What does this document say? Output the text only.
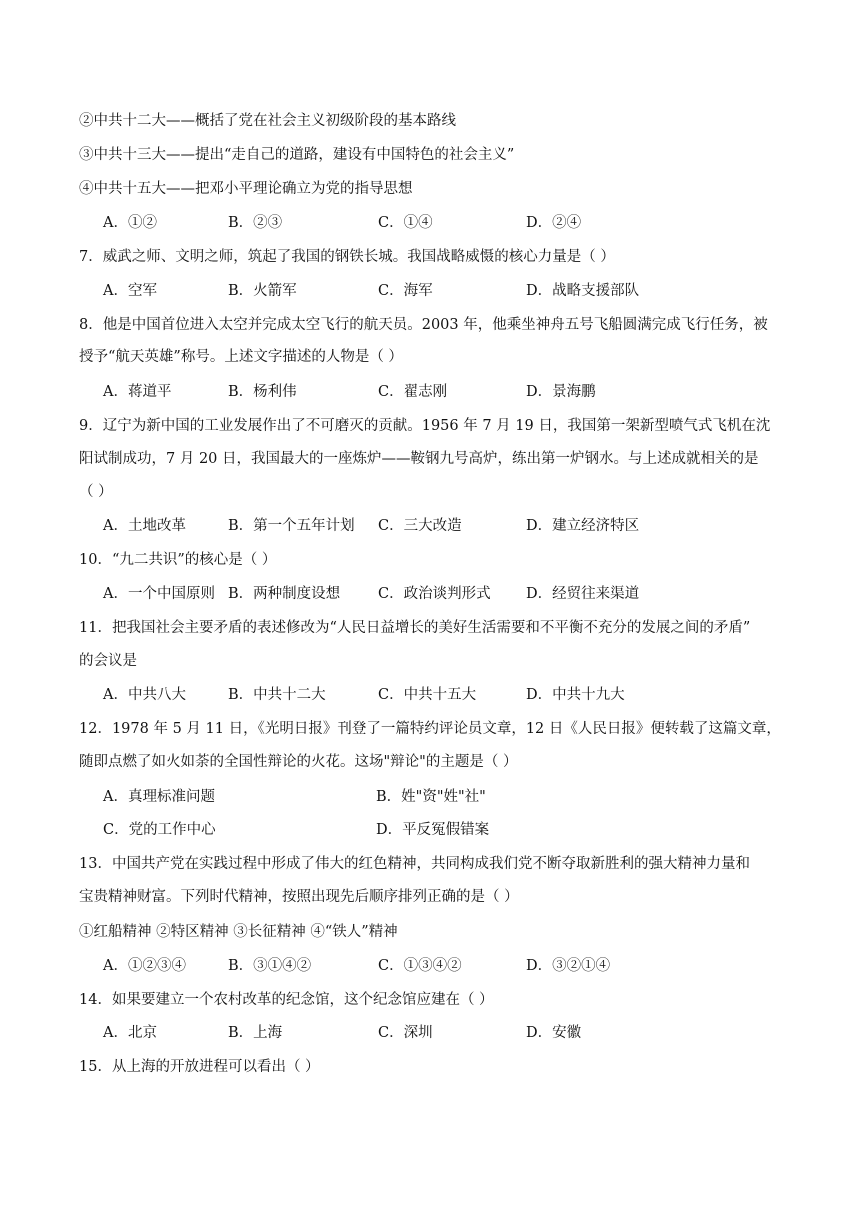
②中共十二大——概括了党在社会主义初级阶段的基本路线
③中共十三大——提出“走自己的道路，建设有中国特色的社会主义”
④中共十五大——把邓小平理论确立为党的指导思想
A．①②	B．②③	C．①④	D．②④
7．威武之师、文明之师，筑起了我国的钢铁长城。我国战略威慑的核心力量是（ ）
A．空军	B．火箭军	C．海军	D．战略支援部队
8．他是中国首位进入太空并完成太空飞行的航天员。2003 年，他乘坐神舟五号飞船圆满完成飞行任务，被
授予“航天英雄”称号。上述文字描述的人物是（ ）
A．蒋道平	B．杨利伟	C．翟志刚	D．景海鹏
9．辽宁为新中国的工业发展作出了不可磨灭的贡献。1956 年 7 月 19 日，我国第一架新型喷气式飞机在沈
阳试制成功，7 月 20 日，我国最大的一座炼炉——鞍钢九号高炉，练出第一炉钢水。与上述成就相关的是
（ ）
A．土地改革	B．第一个五年计划 C．三大改造	D．建立经济特区
10．“九二共识”的核心是（ ）
A．一个中国原则 B．两种制度设想	C．政治谈判形式 D．经贸往来渠道
11．把我国社会主要矛盾的表述修改为“人民日益增长的美好生活需要和不平衡不充分的发展之间的矛盾”
的会议是
A．中共八大	B．中共十二大	C．中共十五大	D．中共十九大
12．1978 年 5 月 11 日，《光明日报》刊登了一篇特约评论员文章，12 日《人民日报》便转载了这篇文章，
随即点燃了如火如荼的全国性辩论的火花。这场"辩论"的主题是（ ）
A．真理标准问题	B．姓"资"姓"社"
C．党的工作中心	D．平反冤假错案
13．中国共产党在实践过程中形成了伟大的红色精神，共同构成我们党不断夺取新胜利的强大精神力量和
宝贵精神财富。下列时代精神，按照出现先后顺序排列正确的是（ ）
①红船精神 ②特区精神 ③长征精神 ④“铁人”精神
A．①②③④	B．③①④②	C．①③④②	D．③②①④
14．如果要建立一个农村改革的纪念馆，这个纪念馆应建在（ ）
A．北京	B．上海	C．深圳	D．安徽
15．从上海的开放进程可以看出（ ）
